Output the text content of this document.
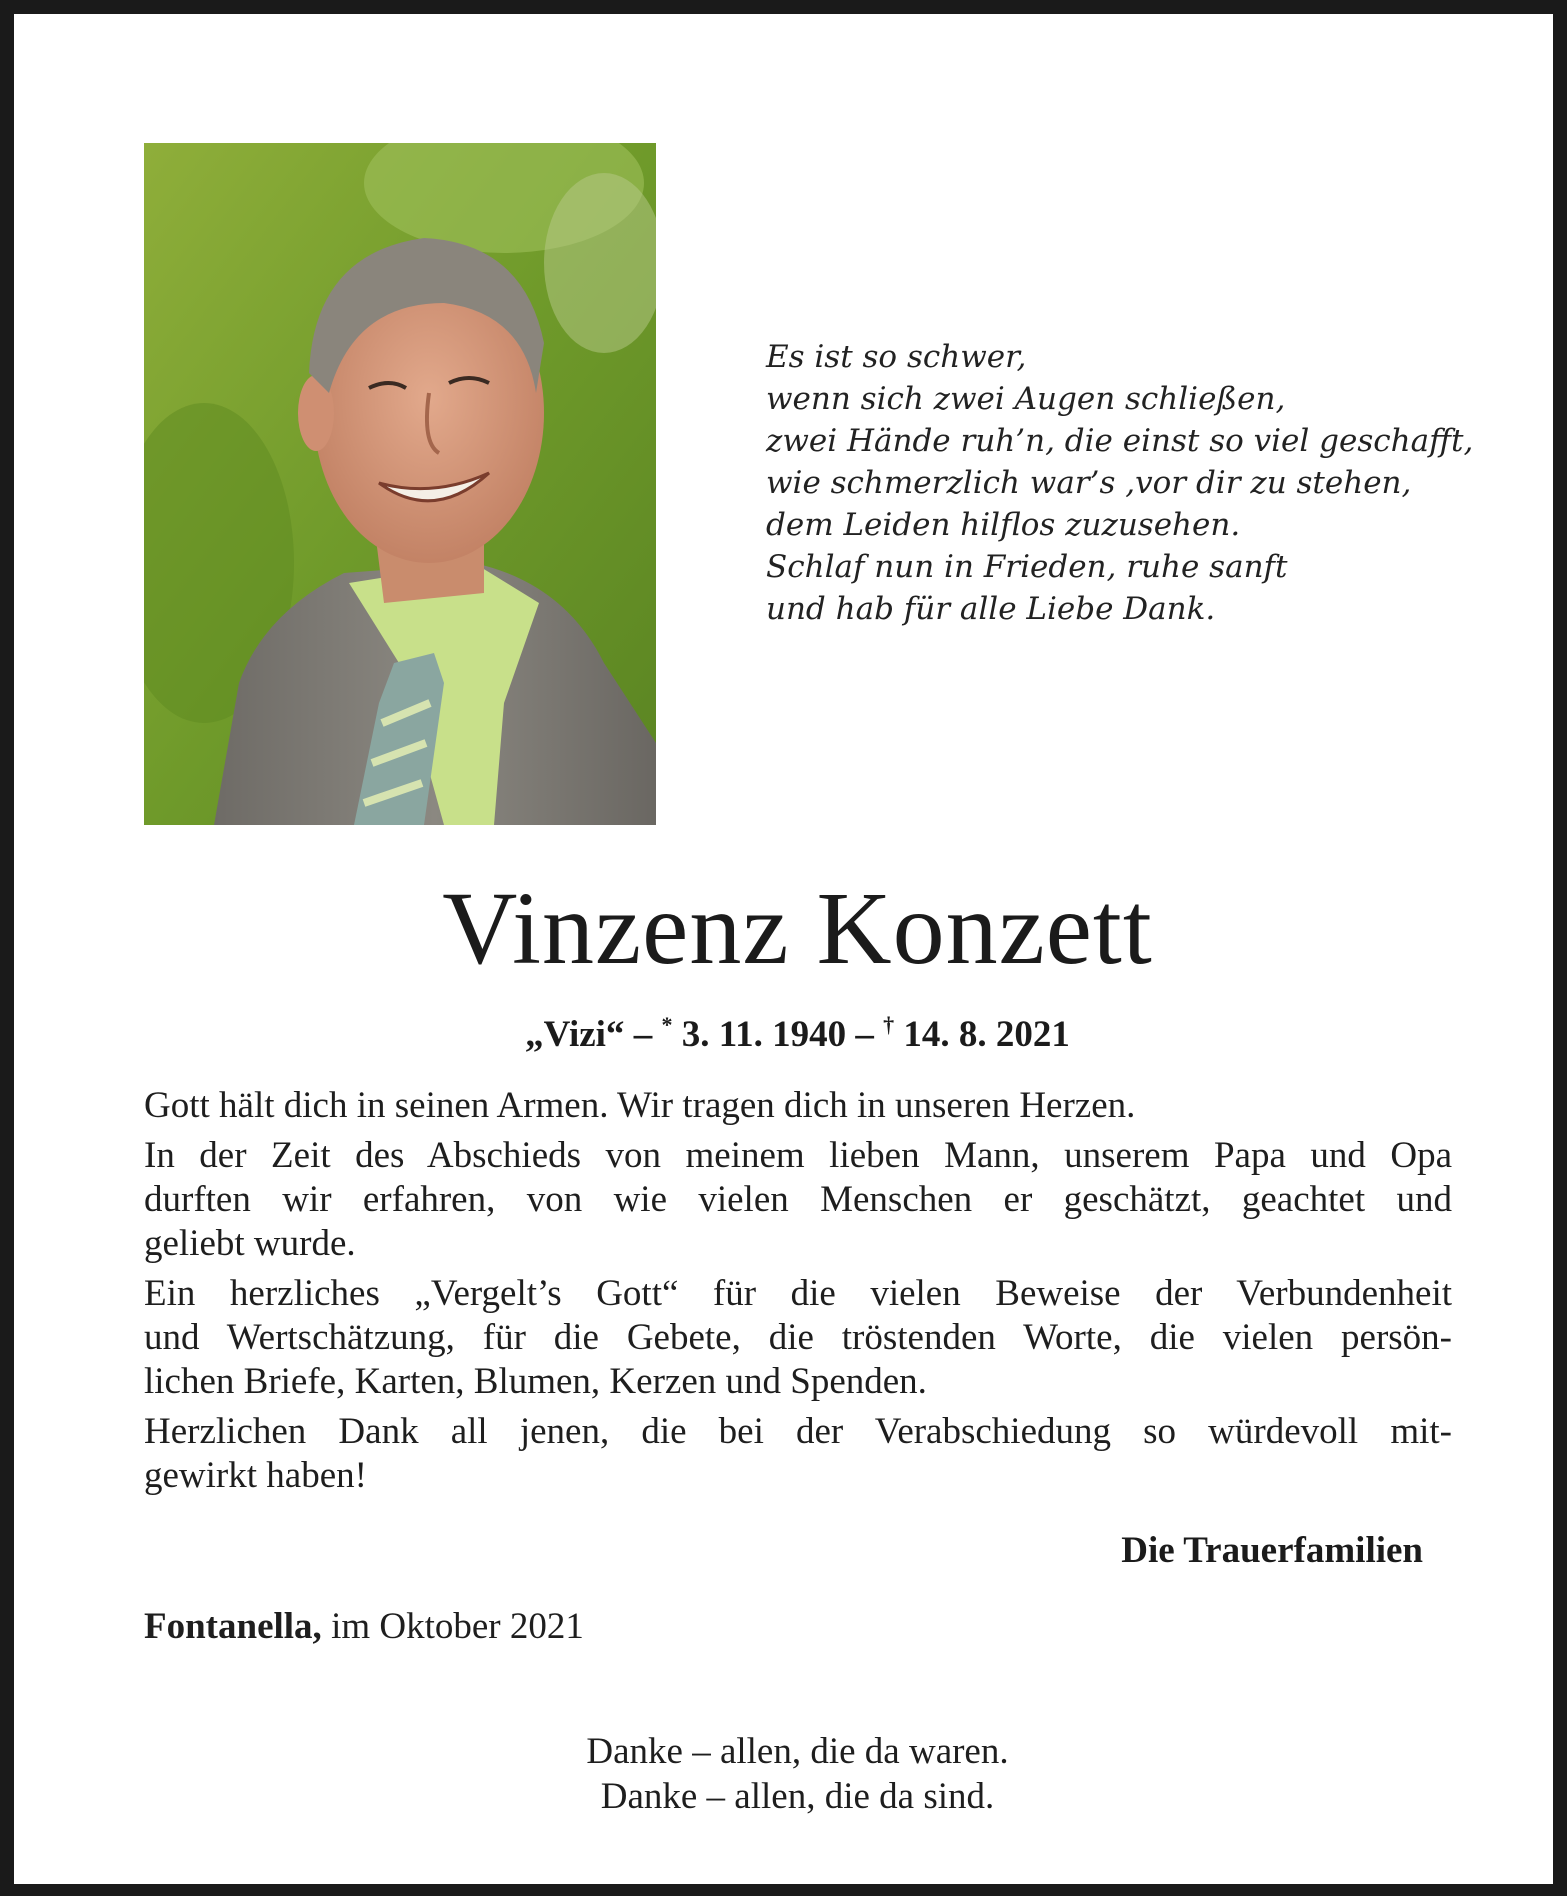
Es ist so schwer,
wenn sich zwei Augen schließen,
zwei Hände ruh’n, die einst so viel geschafft,
wie schmerzlich war’s ,vor dir zu stehen,
dem Leiden hilflos zuzusehen.
Schlaf nun in Frieden, ruhe sanft
und hab für alle Liebe Dank.
Vinzenz Konzett
„Vizi“ – * 3. 11. 1940 – † 14. 8. 2021

Gott hält dich in seinen Armen. Wir tragen dich in unseren Herzen.

In der Zeit des Abschieds von meinem lieben Mann, unserem Papa und Opa
durften wir erfahren, von wie vielen Menschen er geschätzt, geachtet und
geliebt wurde.

Ein herzliches „Vergelt’s Gott“ für die vielen Beweise der Verbundenheit
und Wertschätzung, für die Gebete, die tröstenden Worte, die vielen persön-
lichen Briefe, Karten, Blumen, Kerzen und Spenden.

Herzlichen Dank all jenen, die bei der Verabschiedung so würdevoll mit-
gewirkt haben!

Die Trauerfamilien
Fontanella, im Oktober 2021
Danke – allen, die da waren.
Danke – allen, die da sind.
